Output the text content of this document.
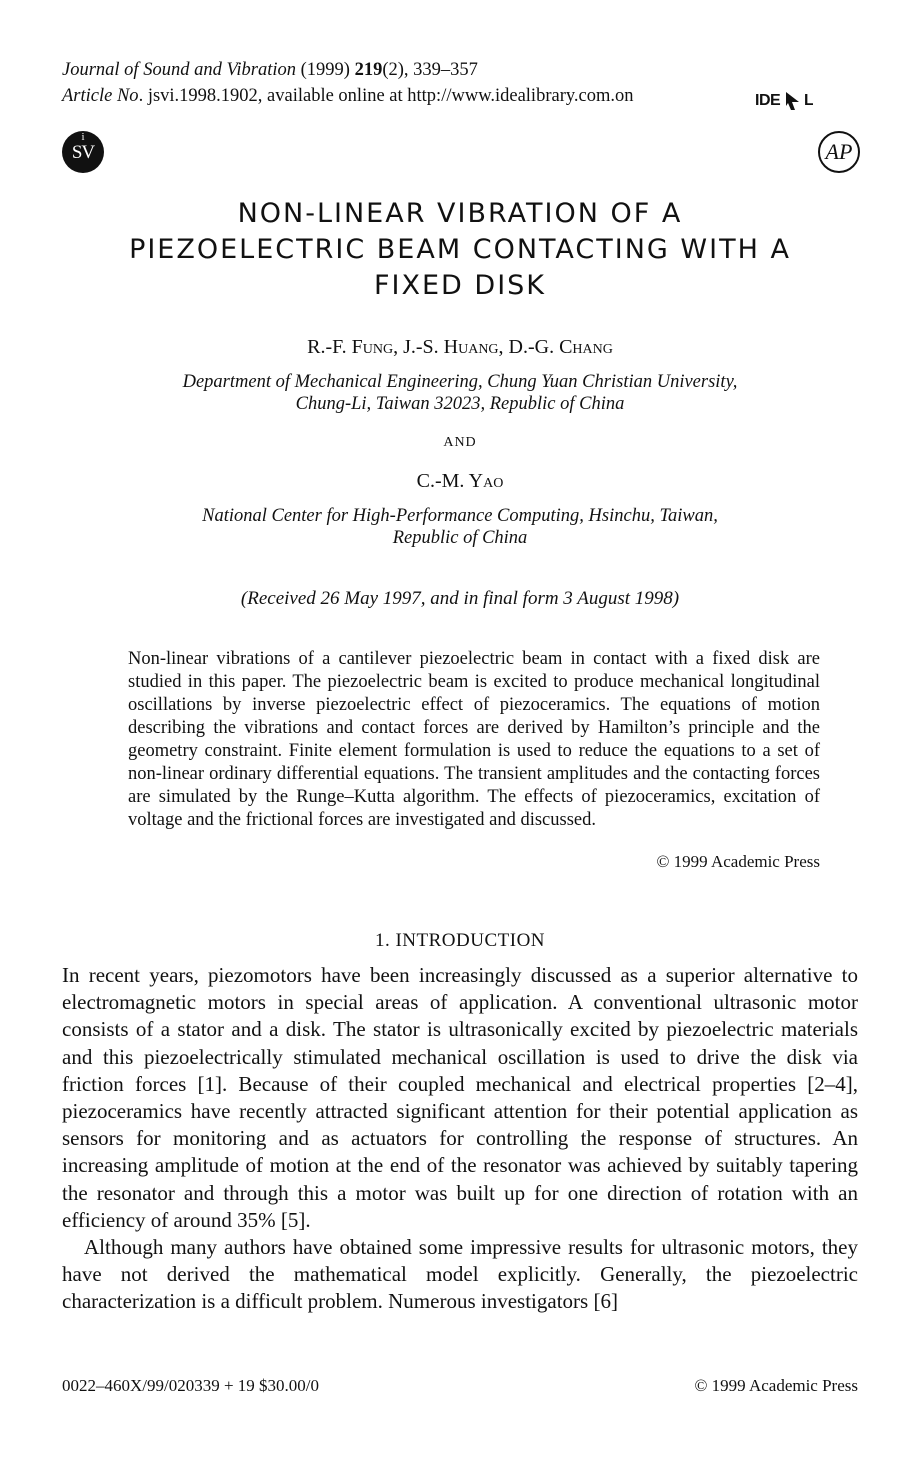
Journal of Sound and Vibration (1999) 219(2), 339–357
Article No. jsvi.1998.1902, available online at http://www.idealibrary.com.on	IDE L
i
SV	AP
NON-LINEAR VIBRATION OF A
PIEZOELECTRIC BEAM CONTACTING WITH A
FIXED DISK
R.-F. Fung, J.-S. Huang, D.-G. Chang
Department of Mechanical Engineering, Chung Yuan Christian University,
Chung-Li, Taiwan 32023, Republic of China
AND
C.-M. Yao
National Center for High-Performance Computing, Hsinchu, Taiwan,
Republic of China
(Received 26 May 1997, and in final form 3 August 1998)

Non-linear vibrations of a cantilever piezoelectric beam in contact with a fixed disk are studied in this paper. The piezoelectric beam is excited to produce mechanical longitudinal oscillations by inverse piezoelectric effect of piezoceramics. The equations of motion describing the vibrations and contact forces are derived by Hamilton’s principle and the geometry constraint. Finite element formulation is used to reduce the equations to a set of non-linear ordinary differential equations. The transient amplitudes and the contacting forces are simulated by the Runge–Kutta algorithm. The effects of piezoceramics, excitation of voltage and the frictional forces are investigated and discussed.

© 1999 Academic Press
1. INTRODUCTION

In recent years, piezomotors have been increasingly discussed as a superior alternative to electromagnetic motors in special areas of application. A conventional ultrasonic motor consists of a stator and a disk. The stator is ultrasonically excited by piezoelectric materials and this piezoelectrically stimulated mechanical oscillation is used to drive the disk via friction forces [1]. Because of their coupled mechanical and electrical properties [2–4], piezoceramics have recently attracted significant attention for their potential application as sensors for monitoring and as actuators for controlling the response of structures. An increasing amplitude of motion at the end of the resonator was achieved by suitably tapering the resonator and through this a motor was built up for one direction of rotation with an efficiency of around 35% [5].

Although many authors have obtained some impressive results for ultrasonic motors, they have not derived the mathematical model explicitly. Generally, the piezoelectric characterization is a difficult problem. Numerous investigators [6]

0022–460X/99/020339 + 19 $30.00/0	© 1999 Academic Press
